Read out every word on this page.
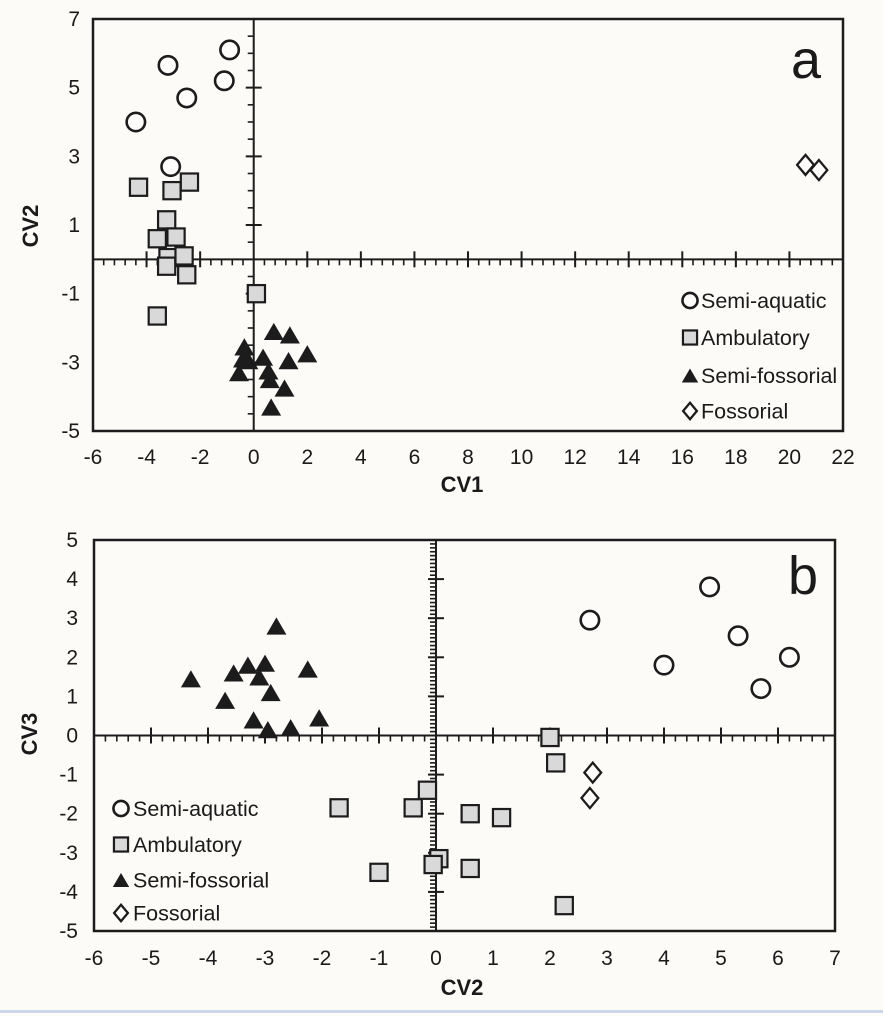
-6 -4 -2 0 2 4 6 8 10 12 14 16 18 20 22
7
5
3
1
-1
-3
-5
CV1
CV2
a
Semi-aquatic
Ambulatory
Semi-fossorial
Fossorial
-6 -5 -4 -3 -2 -1 0 1 2 3 4 5 6 7
5
4
3
2
1
0
-1
-2
-3
-4
-5
CV2
CV3
b
Semi-aquatic
Ambulatory
Semi-fossorial
Fossorial
